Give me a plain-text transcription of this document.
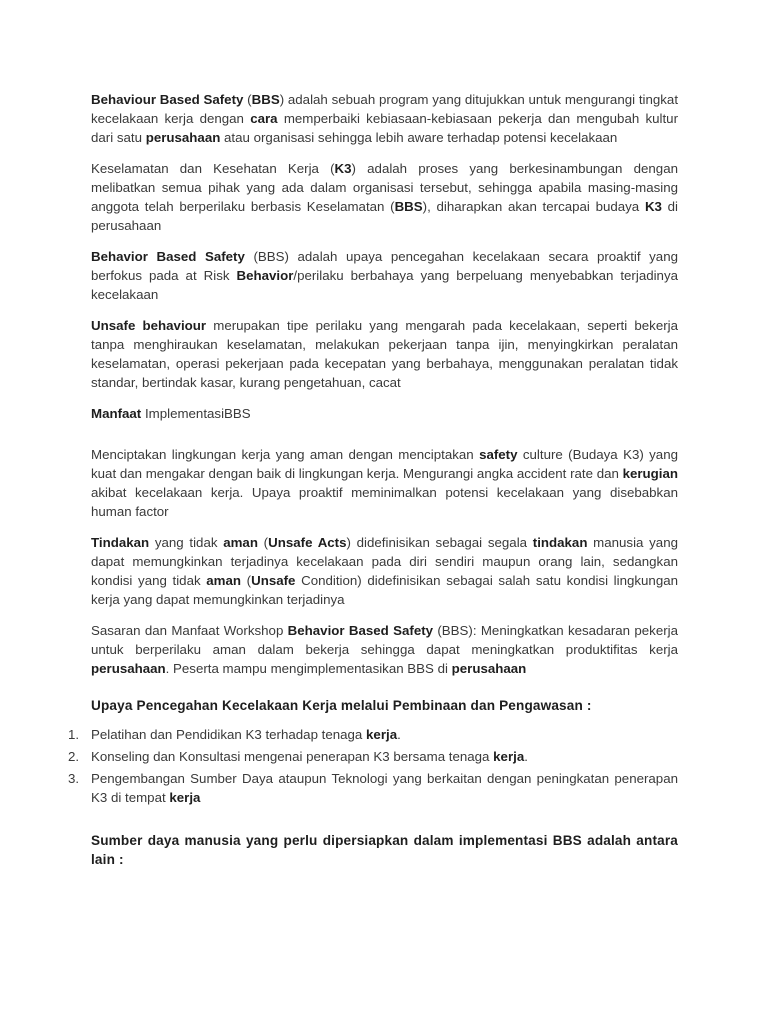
Behaviour Based Safety (BBS) adalah sebuah program yang ditujukkan untuk mengurangi tingkat kecelakaan kerja dengan cara memperbaiki kebiasaan-kebiasaan pekerja dan mengubah kultur dari satu perusahaan atau organisasi sehingga lebih aware terhadap potensi kecelakaan

Keselamatan dan Kesehatan Kerja (K3) adalah proses yang berkesinambungan dengan melibatkan semua pihak yang ada dalam organisasi tersebut, sehingga apabila masing-masing anggota telah berperilaku berbasis Keselamatan (BBS), diharapkan akan tercapai budaya K3 di perusahaan

Behavior Based Safety (BBS) adalah upaya pencegahan kecelakaan secara proaktif yang berfokus pada at Risk Behavior/perilaku berbahaya yang berpeluang menyebabkan terjadinya kecelakaan

Unsafe behaviour merupakan tipe perilaku yang mengarah pada kecelakaan, seperti bekerja tanpa menghiraukan keselamatan, melakukan pekerjaan tanpa ijin, menyingkirkan peralatan keselamatan, operasi pekerjaan pada kecepatan yang berbahaya, menggunakan peralatan tidak standar, bertindak kasar, kurang pengetahuan, cacat

Manfaat ImplementasiBBS

Menciptakan lingkungan kerja yang aman dengan menciptakan safety culture (Budaya K3) yang kuat dan mengakar dengan baik di lingkungan kerja. Mengurangi angka accident rate dan kerugian akibat kecelakaan kerja. Upaya proaktif meminimalkan potensi kecelakaan yang disebabkan human factor

Tindakan yang tidak aman (Unsafe Acts) didefinisikan sebagai segala tindakan manusia yang dapat memungkinkan terjadinya kecelakaan pada diri sendiri maupun orang lain, sedangkan kondisi yang tidak aman (Unsafe Condition) didefinisikan sebagai salah satu kondisi lingkungan kerja yang dapat memungkinkan terjadinya

Sasaran dan Manfaat Workshop Behavior Based Safety (BBS): Meningkatkan kesadaran pekerja untuk berperilaku aman dalam bekerja sehingga dapat meningkatkan produktifitas kerja perusahaan. Peserta mampu mengimplementasikan BBS di perusahaan

Upaya Pencegahan Kecelakaan Kerja melalui Pembinaan dan Pengawasan :
1. Pelatihan dan Pendidikan K3 terhadap tenaga kerja.
2. Konseling dan Konsultasi mengenai penerapan K3 bersama tenaga kerja.
3. Pengembangan Sumber Daya ataupun Teknologi yang berkaitan dengan peningkatan penerapan K3 di tempat kerja
Sumber daya manusia yang perlu dipersiapkan dalam implementasi BBS adalah antara lain :
